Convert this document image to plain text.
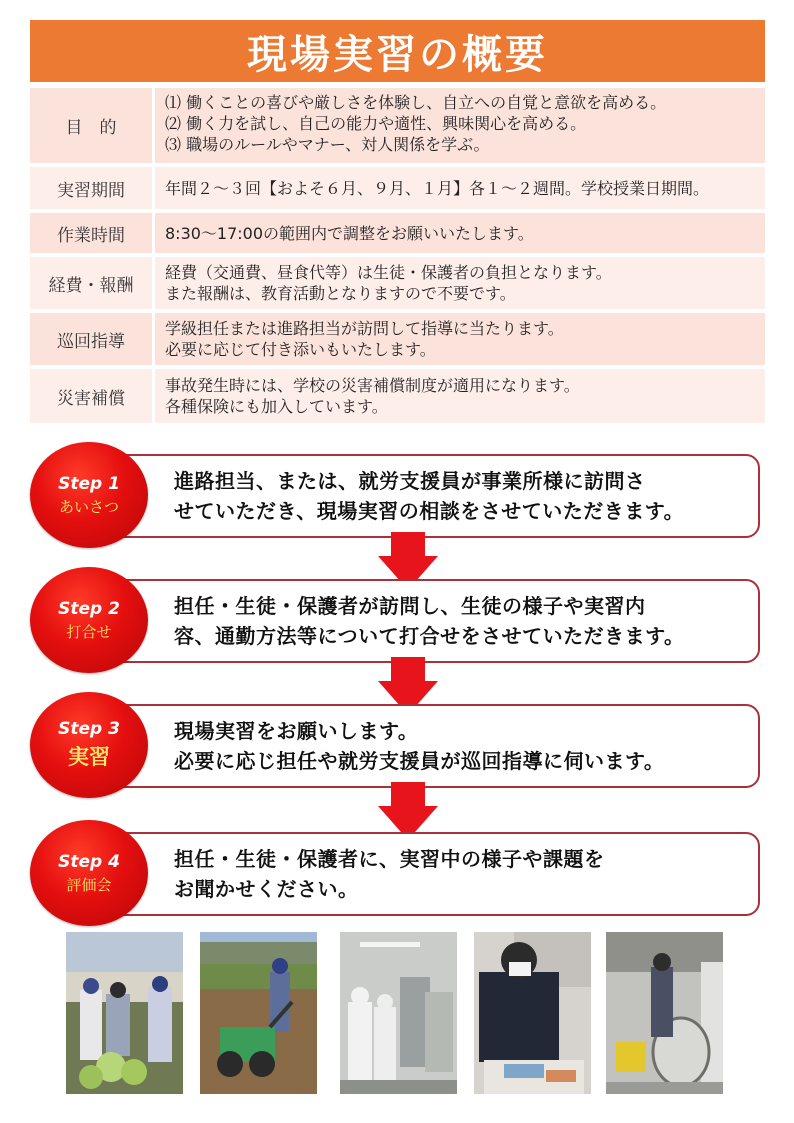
現場実習の概要
目　的
⑴ 働くことの喜びや厳しさを体験し、自立への自覚と意欲を高める。
⑵ 働く力を試し、自己の能力や適性、興味関心を高める。
⑶ 職場のルールやマナー、対人関係を学ぶ。
実習期間	年間２～３回【およそ６月、９月、１月】各１～２週間。学校授業日期間。
作業時間	8:30～17:00の範囲内で調整をお願いいたします。
経費・報酬
経費（交通費、昼食代等）は生徒・保護者の負担となります。
また報酬は、教育活動となりますので不要です。
巡回指導
学級担任または進路担当が訪問して指導に当たります。
必要に応じて付き添いもいたします。
災害補償
事故発生時には、学校の災害補償制度が適用になります。
各種保険にも加入しています。
進路担当、または、就労支援員が事業所様に訪問さ
せていただき、現場実習の相談をさせていただきます。
Step 1
あいさつ
担任・生徒・保護者が訪問し、生徒の様子や実習内
容、通勤方法等について打合せをさせていただきます。
Step 2
打合せ
現場実習をお願いします。
必要に応じ担任や就労支援員が巡回指導に伺います。
Step 3
実習
担任・生徒・保護者に、実習中の様子や課題を
お聞かせください。
Step 4
評価会
